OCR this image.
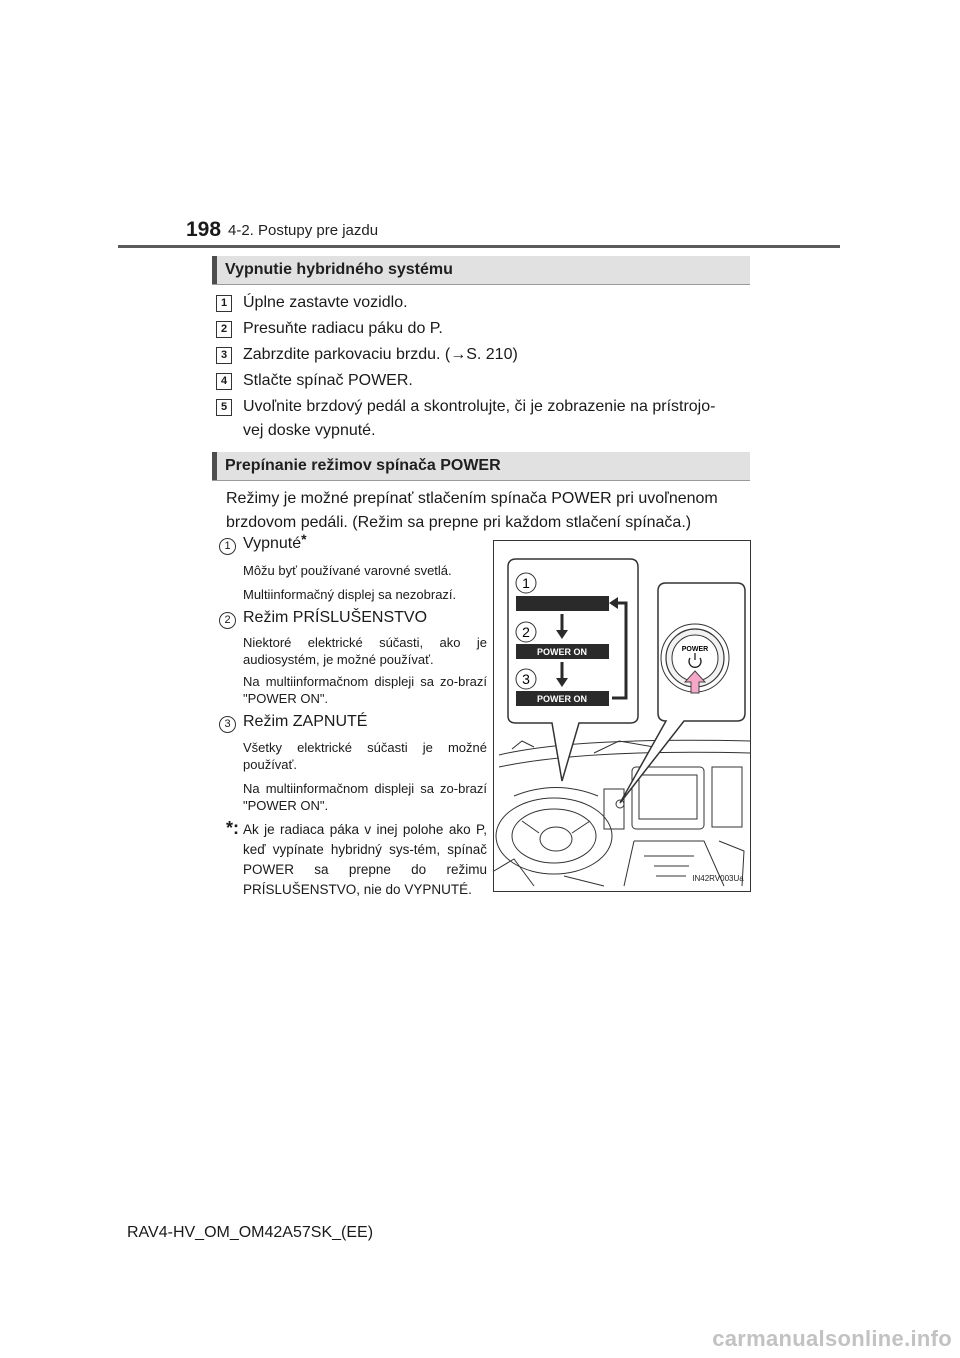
198 4-2. Postupy pre jazdu
Vypnutie hybridného systému
1 Úplne zastavte vozidlo.
2 Presuňte radiacu páku do P.
3 Zabrzdite parkovaciu brzdu. (→S. 210)
4 Stlačte spínač POWER.
5 Uvoľnite brzdový pedál a skontrolujte, či je zobrazenie na prístrojo-
vej doske vypnuté.
Prepínanie režimov spínača POWER
Režimy je možné prepínať stlačením spínača POWER pri uvoľnenom
brzdovom pedáli. (Režim sa prepne pri každom stlačení spínača.)
1 Vypnuté*
Môžu byť používané varovné svetlá.
Multiinformačný displej sa nezobrazí.
2 Režim PRÍSLUŠENSTVO
Niektoré elektrické súčasti, ako je audiosystém, je možné používať.
Na multiinformačnom displeji sa zo-brazí "POWER ON".
3 Režim ZAPNUTÉ
Všetky elektrické súčasti je možné používať.
Na multiinformačnom displeji sa zo-brazí "POWER ON".
*: Ak je radiaca páka v inej polohe ako P, keď vypínate hybridný sys-tém, spínač POWER sa prepne do režimu PRÍSLUŠENSTVO, nie do VYPNUTÉ.
1
2
POWER ON
3
POWER ON
POWER
IN42RV003Ua
RAV4-HV_OM_OM42A57SK_(EE)
carmanualsonline.info
